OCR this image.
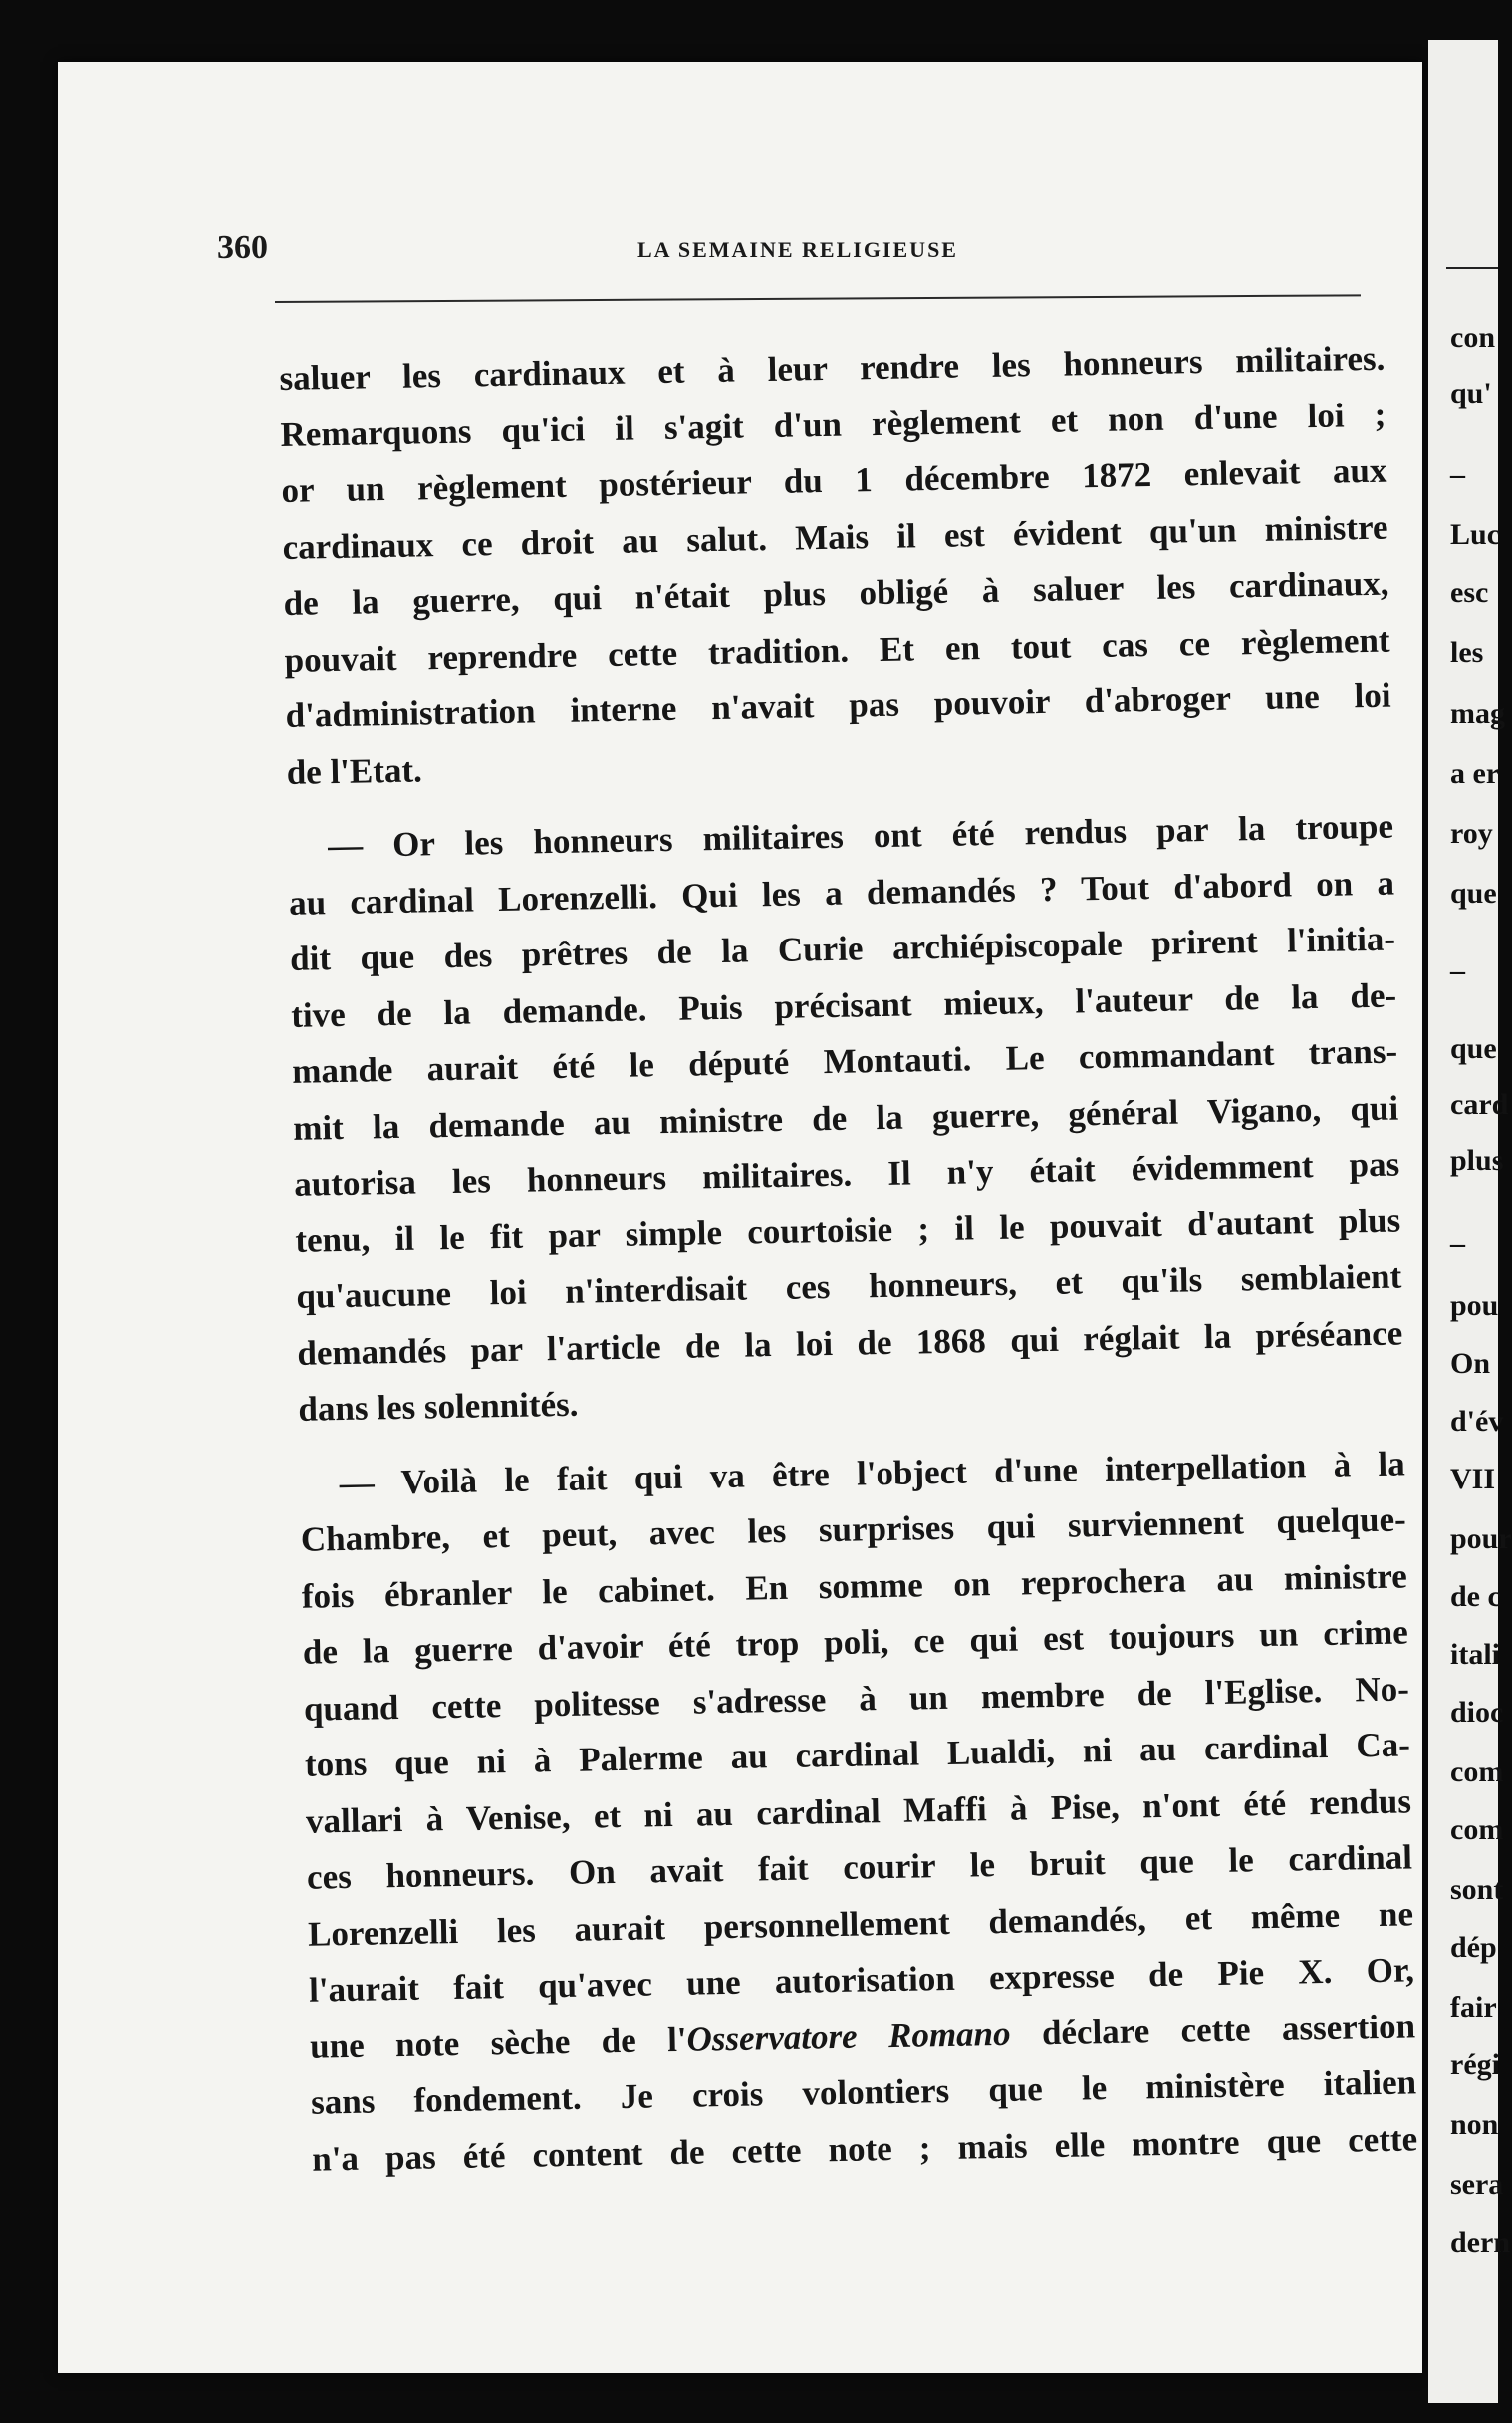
360	LA SEMAINE RELIGIEUSE
saluer les cardinaux et à leur rendre les honneurs militaires.
Remarquons qu'ici il s'agit d'un règlement et non d'une loi ;
or un règlement postérieur du 1 décembre 1872 enlevait aux
cardinaux ce droit au salut. Mais il est évident qu'un ministre
de la guerre, qui n'était plus obligé à saluer les cardinaux,
pouvait reprendre cette tradition. Et en tout cas ce règlement
d'administration interne n'avait pas pouvoir d'abroger une loi
de l'Etat.
— Or les honneurs militaires ont été rendus par la troupe
au cardinal Lorenzelli. Qui les a demandés ? Tout d'abord on a
dit que des prêtres de la Curie archiépiscopale prirent l'initia-
tive de la demande. Puis précisant mieux, l'auteur de la de-
mande aurait été le député Montauti. Le commandant trans-
mit la demande au ministre de la guerre, général Vigano, qui
autorisa les honneurs militaires. Il n'y était évidemment pas
tenu, il le fit par simple courtoisie ; il le pouvait d'autant plus
qu'aucune loi n'interdisait ces honneurs, et qu'ils semblaient
demandés par l'article de la loi de 1868 qui réglait la préséance
dans les solennités.
— Voilà le fait qui va être l'object d'une interpellation à la
Chambre, et peut, avec les surprises qui surviennent quelque-
fois ébranler le cabinet. En somme on reprochera au ministre
de la guerre d'avoir été trop poli, ce qui est toujours un crime
quand cette politesse s'adresse à un membre de l'Eglise. No-
tons que ni à Palerme au cardinal Lualdi, ni au cardinal Ca-
vallari à Venise, et ni au cardinal Maffi à Pise, n'ont été rendus
ces honneurs. On avait fait courir le bruit que le cardinal
Lorenzelli les aurait personnellement demandés, et même ne
l'aurait fait qu'avec une autorisation expresse de Pie X. Or,
une note sèche de l'Osservatore Romano déclare cette assertion
sans fondement. Je crois volontiers que le ministère italien
n'a pas été content de cette note ; mais elle montre que cette
con
qu'
–
Luc
esc
les
mag
a er
roy
que
–
que
card
plus
–
pou
On
d'év
VII
pour
de c
itali
dioc
com
com
sont
dép
fair
régi
non
sera
dern
